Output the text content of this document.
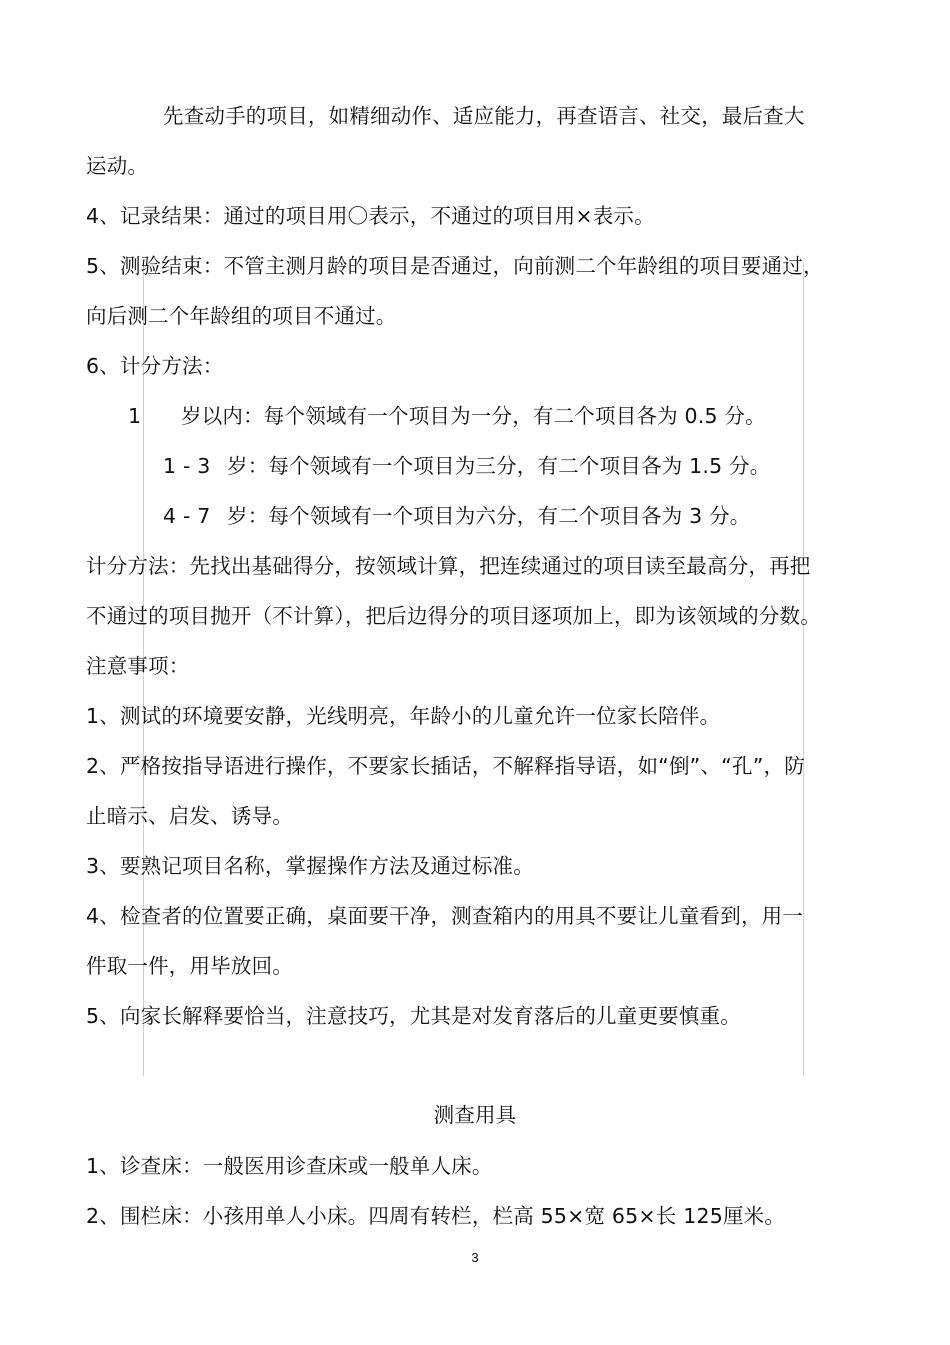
先查动手的项目，如精细动作、适应能力，再查语言、社交，最后查大
运动。
4、记录结果：通过的项目用〇表示，不通过的项目用×表示。
5、测验结束：不管主测月龄的项目是否通过，向前测二个年龄组的项目要通过，
向后测二个年龄组的项目不通过。
6、计分方法：
1 岁以内：每个领域有一个项目为一分，有二个项目各为 0.5 分。
1 - 3 岁：每个领域有一个项目为三分，有二个项目各为 1.5 分。
4 - 7 岁：每个领域有一个项目为六分，有二个项目各为 3 分。
计分方法：先找出基础得分，按领域计算，把连续通过的项目读至最高分，再把
不通过的项目抛开（不计算），把后边得分的项目逐项加上，即为该领域的分数。
注意事项：
1、测试的环境要安静，光线明亮，年龄小的儿童允许一位家长陪伴。
2、严格按指导语进行操作，不要家长插话，不解释指导语，如“倒”、“孔”，防
止暗示、启发、诱导。
3、要熟记项目名称，掌握操作方法及通过标准。
4、检查者的位置要正确，桌面要干净，测查箱内的用具不要让儿童看到，用一
件取一件，用毕放回。
5、向家长解释要恰当，注意技巧，尤其是对发育落后的儿童更要慎重。
测查用具
1、诊查床：一般医用诊查床或一般单人床。
2、围栏床：小孩用单人小床。四周有转栏，栏高 55×宽 65×长 125厘米。
3
